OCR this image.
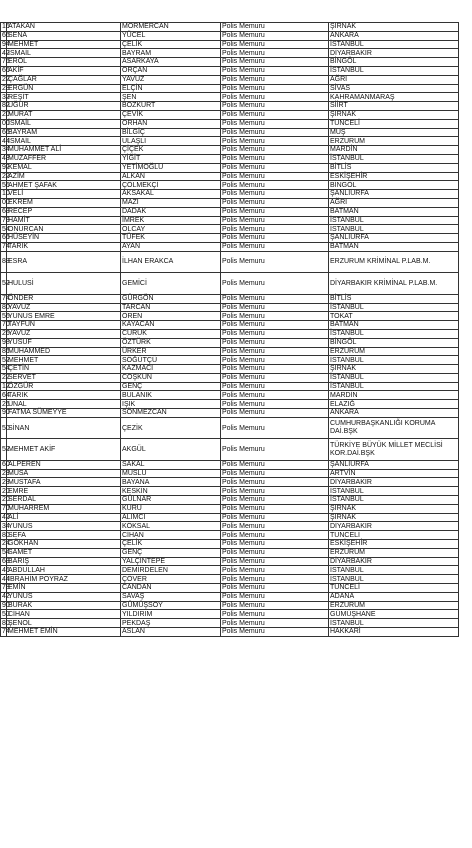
16	ATAKAN	MORMERCAN	Polis Memuru	ŞIRNAK
66	SENA	YÜCEL	Polis Memuru	ANKARA
94	MEHMET	ÇELİK	Polis Memuru	İSTANBUL
42	İSMAİL	BAYRAM	Polis Memuru	DİYARBAKIR
76	EROL	ASARKAYA	Polis Memuru	BİNGÖL
66	AKİF	ORÇAN	Polis Memuru	İSTANBUL
22	ÇAĞLAR	YAVUZ	Polis Memuru	AĞRI
28	ERGÜN	ELÇİN	Polis Memuru	SİVAS
32	REŞİT	ŞEN	Polis Memuru	KAHRAMANMARAŞ
82	UĞUR	BOZKURT	Polis Memuru	SİİRT
20	MURAT	ÇEVİK	Polis Memuru	ŞIRNAK
00	İSMAİL	ORHAN	Polis Memuru	TUNCELİ
66	BAYRAM	BİLGİÇ	Polis Memuru	MUŞ
44	İSMAİL	ULAŞLI	Polis Memuru	ERZURUM
34	MUHAMMET ALİ	ÇİÇEK	Polis Memuru	MARDİN
48	MUZAFFER	YİĞİT	Polis Memuru	İSTANBUL
92	KEMAL	YETİMOĞLU	Polis Memuru	BİTLİS
22	AZİM	ALKAN	Polis Memuru	ESKİŞEHİR
56	AHMET ŞAFAK	ÇÖLMEKÇİ	Polis Memuru	BİNGÖL
10	VELİ	AKSAKAL	Polis Memuru	ŞANLIURFA
00	EKREM	MAZI	Polis Memuru	AĞRI
68	RECEP	DADAK	Polis Memuru	BATMAN
78	HAMİT	İMREK	Polis Memuru	İSTANBUL
54	ONURCAN	OLCAY	Polis Memuru	İSTANBUL
66	HÜSEYİN	TÜFEK	Polis Memuru	ŞANLIURFA
74	TARIK	AYAN	Polis Memuru	BATMAN
88	ESRA	İLHAN ERAKCA	Polis Memuru	ERZURUM KRİMİNAL P.LAB.M.
52	HULUSİ	GEMİCİ	Polis Memuru	DİYARBAKIR KRİMİNAL P.LAB.M.
74	ÖNDER	GÜRGÖN	Polis Memuru	BİTLİS
80	YAVUZ	TARCAN	Polis Memuru	İSTANBUL
56	YUNUS EMRE	ÖREN	Polis Memuru	TOKAT
70	TAYFUN	KAYACAN	Polis Memuru	BATMAN
26	YAVUZ	CURUK	Polis Memuru	İSTANBUL
98	YUSUF	ÖZTÜRK	Polis Memuru	BİNGÖL
86	MUHAMMED	ÜRKER	Polis Memuru	ERZURUM
52	MEHMET	SÖĞÜTÇÜ	Polis Memuru	İSTANBUL
54	ÇETİN	KAZMACI	Polis Memuru	ŞIRNAK
22	SERVET	COŞKUN	Polis Memuru	İSTANBUL
12	ÖZGÜR	GENÇ	Polis Memuru	İSTANBUL
64	TARIK	BULANIK	Polis Memuru	MARDİN
26	ÜNAL	IŞIK	Polis Memuru	ELAZIĞ
90	FATMA SÜMEYYE	SÖNMEZCAN	Polis Memuru	ANKARA
50	SİNAN	ÇEZİK	Polis Memuru	CUMHURBAŞKANLIĞI KORUMA DAİ.BŞK
52	MEHMET AKİF	AKGÜL	Polis Memuru	TÜRKİYE BÜYÜK MİLLET MECLİSİ KOR.DAİ.BŞK
60	ALPEREN	SAKAL	Polis Memuru	ŞANLIURFA
28	MUSA	MUSLU	Polis Memuru	ARTVİN
28	MUSTAFA	BAYANA	Polis Memuru	DİYARBAKIR
20	EMRE	KESKİN	Polis Memuru	İSTANBUL
20	SERDAL	GÜLNAR	Polis Memuru	İSTANBUL
70	MUHARREM	KURU	Polis Memuru	ŞIRNAK
42	ALİ	ALIMCI	Polis Memuru	ŞIRNAK
34	YUNUS	KÖKSAL	Polis Memuru	DİYARBAKIR
80	SEFA	CİHAN	Polis Memuru	TUNCELİ
24	GÖKHAN	ÇELİK	Polis Memuru	ESKİŞEHİR
54	SAMET	GENÇ	Polis Memuru	ERZURUM
68	BARIŞ	YALÇINTEPE	Polis Memuru	DİYARBAKIR
46	ABDULLAH	DEMİRDELEN	Polis Memuru	İSTANBUL
44	İBRAHİM POYRAZ	ÇÖVER	Polis Memuru	İSTANBUL
78	EMİN	CANDAN	Polis Memuru	TUNCELİ
42	YUNUS	SAVAŞ	Polis Memuru	ADANA
90	BURAK	GÜMÜŞSOY	Polis Memuru	ERZURUM
50	CİHAN	YILDIRIM	Polis Memuru	GÜMÜŞHANE
80	ŞENOL	PEKDAŞ	Polis Memuru	İSTANBUL
74	MEHMET EMİN	ASLAN	Polis Memuru	HAKKARİ
